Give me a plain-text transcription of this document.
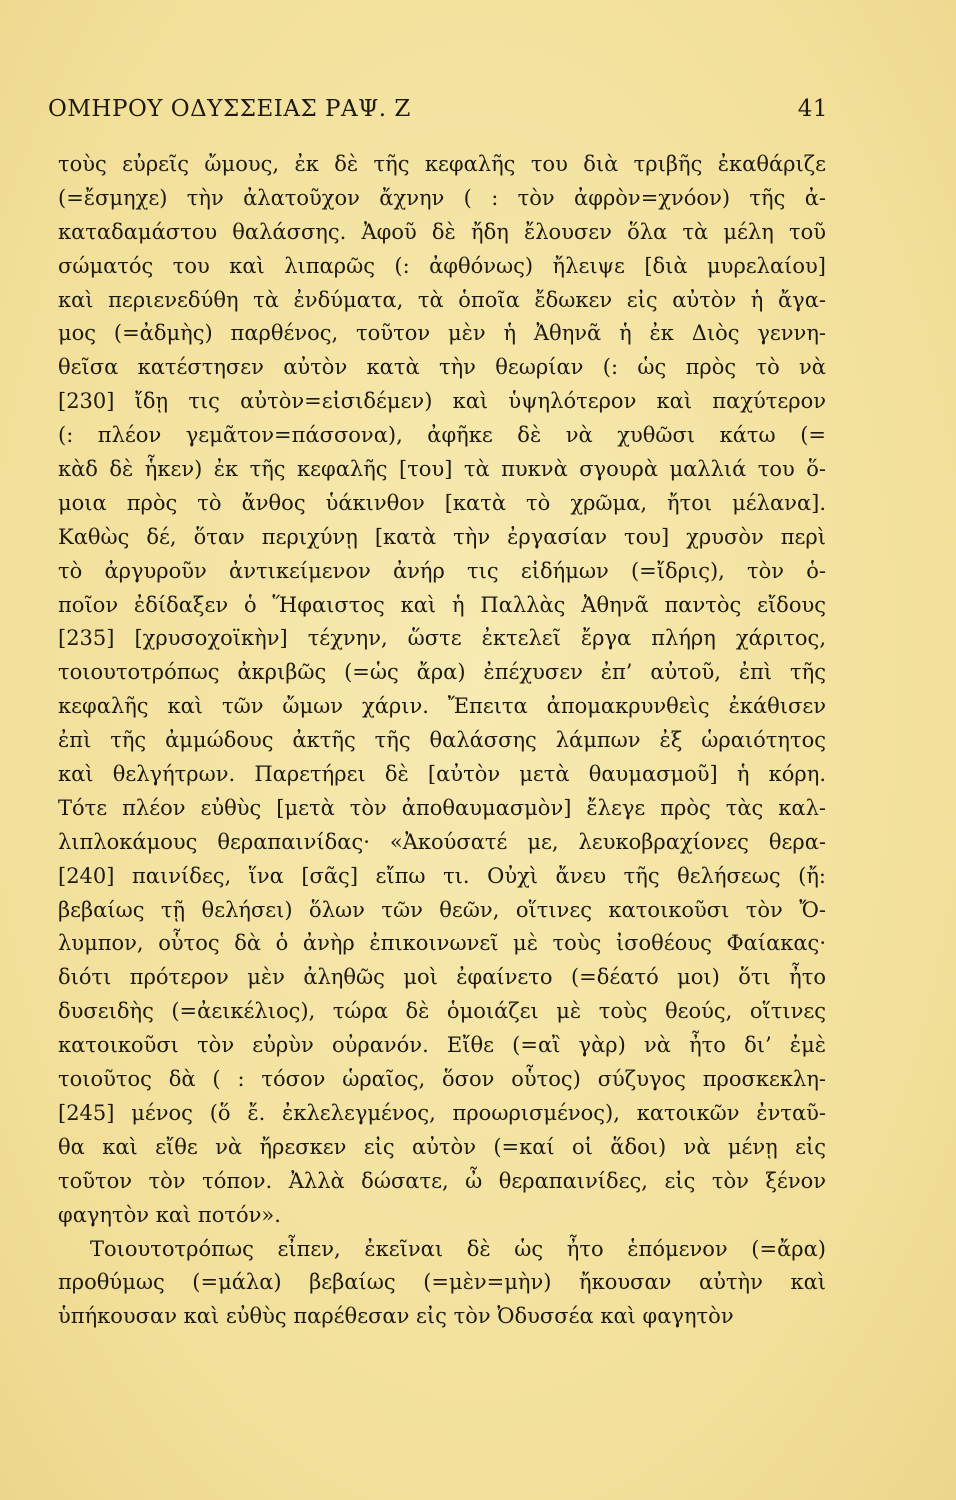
ΟΜΗΡΟΥ ΟΔΥΣΣΕΙΑΣ ΡΑΨ. Ζ	41
τοὺς εὐρεῖς ὤμους, ἐκ δὲ τῆς κεφαλῆς του διὰ τριβῆς ἐκαθάριζε
(=ἔσμηχε) τὴν ἀλατοῦχον ἄχνην ( : τὸν ἀφρὸν=χνόον) τῆς ἀ-
καταδαμάστου θαλάσσης. Ἀφοῦ δὲ ἤδη ἔλουσεν ὅλα τὰ μέλη τοῦ
σώματός του καὶ λιπαρῶς (: ἀφθόνως) ἤλειψε [διὰ μυρελαίου]
καὶ περιενεδύθη τὰ ἐνδύματα, τὰ ὁποῖα ἔδωκεν εἰς αὐτὸν ἡ ἄγα-
μος (=ἀδμὴς) παρθένος, τοῦτον μὲν ἡ Ἀθηνᾶ ἡ ἐκ Διὸς γεννη-
θεῖσα κατέστησεν αὐτὸν κατὰ τὴν θεωρίαν (: ὡς πρὸς τὸ νὰ
[230] ἴδῃ τις αὐτὸν=εἰσιδέμεν) καὶ ὑψηλότερον καὶ παχύτερον
(: πλέον γεμᾶτον=πάσσονα), ἀφῆκε δὲ νὰ χυθῶσι κάτω (=
κὰδ δὲ ἧκεν) ἐκ τῆς κεφαλῆς [του] τὰ πυκνὰ σγουρὰ μαλλιά του ὅ-
μοια πρὸς τὸ ἄνθος ὑάκινθον [κατὰ τὸ χρῶμα, ἤτοι μέλανα].
Καθὼς δέ, ὅταν περιχύνῃ [κατὰ τὴν ἐργασίαν του] χρυσὸν περὶ
τὸ ἀργυροῦν ἀντικείμενον ἀνήρ τις εἰδήμων (=ἴδρις), τὸν ὁ-
ποῖον ἐδίδαξεν ὁ Ἥφαιστος καὶ ἡ Παλλὰς Ἀθηνᾶ παντὸς εἴδους
[235] [χρυσοχοϊκὴν] τέχνην, ὥστε ἐκτελεῖ ἔργα πλήρη χάριτος,
τοιουτοτρόπως ἀκριβῶς (=ὡς ἄρα) ἐπέχυσεν ἐπ’ αὐτοῦ, ἐπὶ τῆς
κεφαλῆς καὶ τῶν ὤμων χάριν. Ἔπειτα ἀπομακρυνθεὶς ἐκάθισεν
ἐπὶ τῆς ἀμμώδους ἀκτῆς τῆς θαλάσσης λάμπων ἐξ ὡραιότητος
καὶ θελγήτρων. Παρετήρει δὲ [αὐτὸν μετὰ θαυμασμοῦ] ἡ κόρη.
Τότε πλέον εὐθὺς [μετὰ τὸν ἀποθαυμασμὸν] ἔλεγε πρὸς τὰς καλ-
λιπλοκάμους θεραπαινίδας· «Ἀκούσατέ με, λευκοβραχίονες θερα-
[240] παινίδες, ἵνα [σᾶς] εἴπω τι. Οὐχὶ ἄνευ τῆς θελήσεως (ἤ:
βεβαίως τῇ θελήσει) ὅλων τῶν θεῶν, οἵτινες κατοικοῦσι τὸν Ὄ-
λυμπον, οὗτος δὰ ὁ ἀνὴρ ἐπικοινωνεῖ μὲ τοὺς ἰσοθέους Φαίακας·
διότι πρότερον μὲν ἀληθῶς μοὶ ἐφαίνετο (=δέατό μοι) ὅτι ἦτο
δυσειδὴς (=ἀεικέλιος), τώρα δὲ ὁμοιάζει μὲ τοὺς θεούς, οἵτινες
κατοικοῦσι τὸν εὐρὺν οὐρανόν. Εἴθε (=αἲ γὰρ) νὰ ἦτο δι’ ἐμὲ
τοιοῦτος δὰ ( : τόσον ὡραῖος, ὅσον οὗτος) σύζυγος προσκεκλη-
[245] μένος (ὅ ἔ. ἐκλελεγμένος, προωρισμένος), κατοικῶν ἐνταῦ-
θα καὶ εἴθε νὰ ἤρεσκεν εἰς αὐτὸν (=καί οἱ ἅδοι) νὰ μένῃ εἰς
τοῦτον τὸν τόπον. Ἀλλὰ δώσατε, ὦ θεραπαινίδες, εἰς τὸν ξένον
φαγητὸν καὶ ποτόν».
Τοιουτοτρόπως εἶπεν, ἐκεῖναι δὲ ὡς ἦτο ἑπόμενον (=ἄρα)
προθύμως (=μάλα) βεβαίως (=μὲν=μὴν) ἤκουσαν αὐτὴν καὶ
ὑπήκουσαν καὶ εὐθὺς παρέθεσαν εἰς τὸν Ὀδυσσέα καὶ φαγητὸν
